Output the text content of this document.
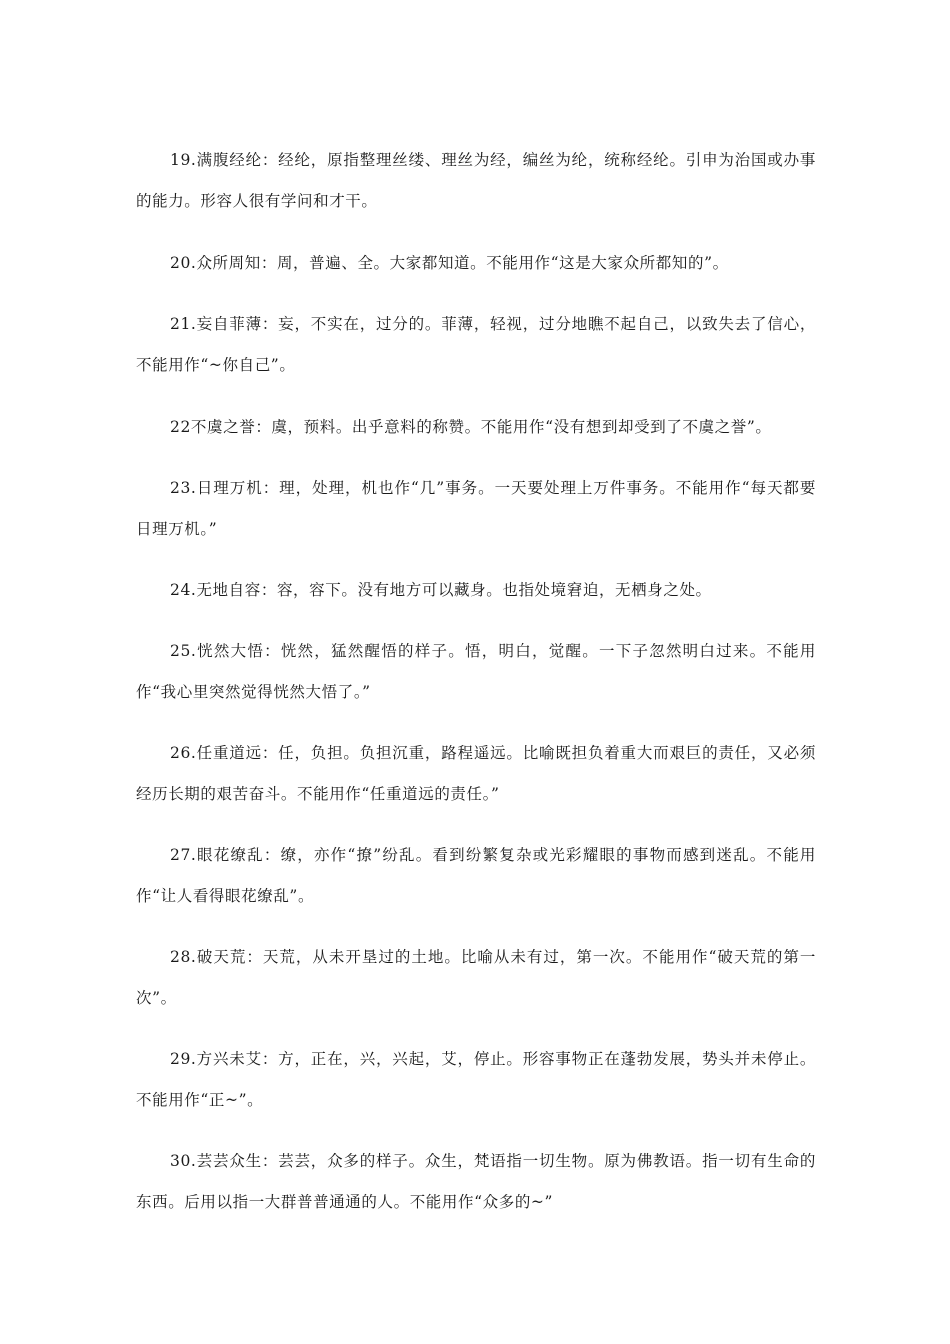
19.满腹经纶：经纶，原指整理丝缕、理丝为经，编丝为纶，统称经纶。引申为治国或办事的能力。形容人很有学问和才干。

20.众所周知：周，普遍、全。大家都知道。不能用作“这是大家众所都知的”。

21.妄自菲薄：妄，不实在，过分的。菲薄，轻视，过分地瞧不起自己，以致失去了信心，不能用作“~你自己”。

22不虞之誉：虞，预料。出乎意料的称赞。不能用作“没有想到却受到了不虞之誉”。

23.日理万机：理，处理，机也作“几”事务。一天要处理上万件事务。不能用作“每天都要日理万机。”

24.无地自容：容，容下。没有地方可以藏身。也指处境窘迫，无栖身之处。

25.恍然大悟：恍然，猛然醒悟的样子。悟，明白，觉醒。一下子忽然明白过来。不能用作“我心里突然觉得恍然大悟了。”

26.任重道远：任，负担。负担沉重，路程遥远。比喻既担负着重大而艰巨的责任，又必须经历长期的艰苦奋斗。不能用作“任重道远的责任。”

27.眼花缭乱：缭，亦作“撩”纷乱。看到纷繁复杂或光彩耀眼的事物而感到迷乱。不能用作“让人看得眼花缭乱”。

28.破天荒：天荒，从未开垦过的土地。比喻从未有过，第一次。不能用作“破天荒的第一次”。

29.方兴未艾：方，正在，兴，兴起，艾，停止。形容事物正在蓬勃发展，势头并未停止。不能用作“正~”。

30.芸芸众生：芸芸，众多的样子。众生，梵语指一切生物。原为佛教语。指一切有生命的东西。后用以指一大群普普通通的人。不能用作“众多的~”
